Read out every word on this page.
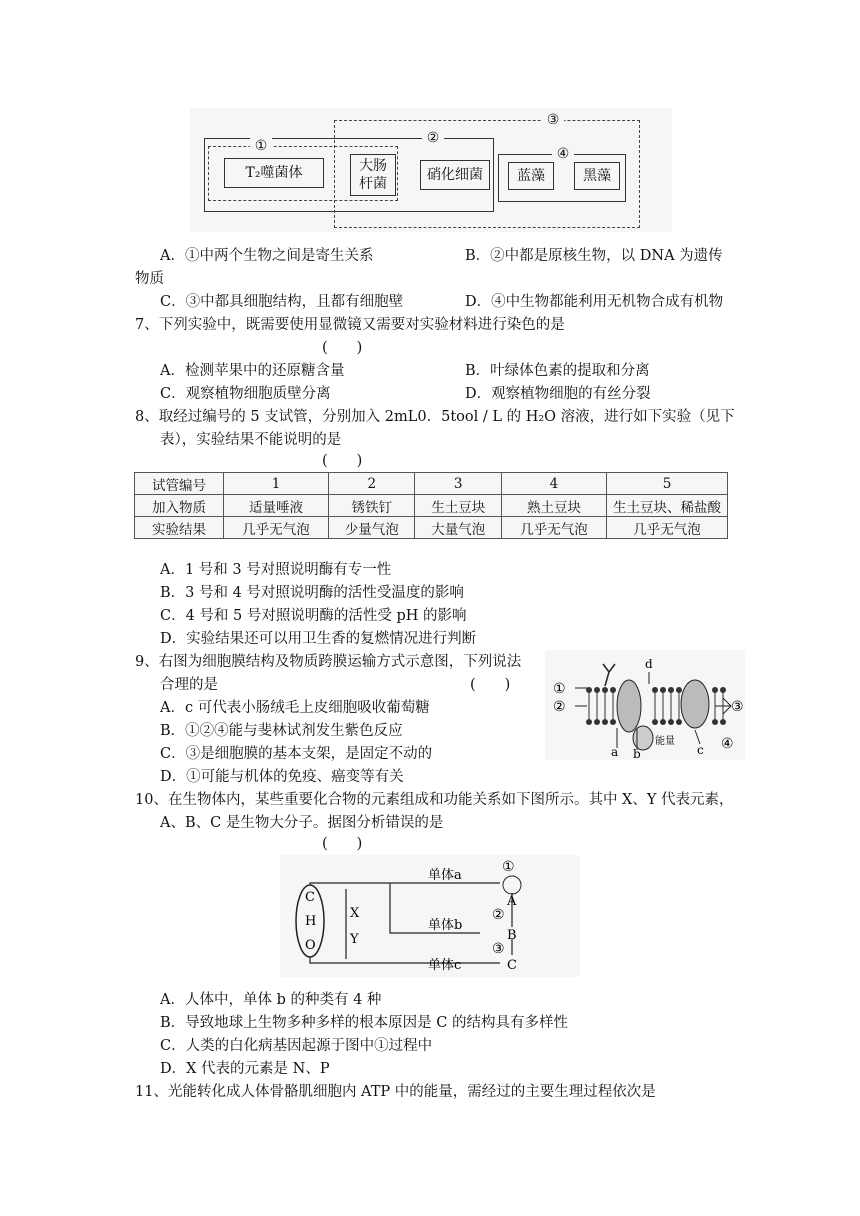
①	②
③
④
T₂噬菌体	大肠
杆菌
硝化细菌	蓝藻	黑藻
A．①中两个生物之间是寄生关系	B．②中都是原核生物，以 DNA 为遗传
物质
C．③中都具细胞结构，且都有细胞壁	D．④中生物都能利用无机物合成有机物
7、下列实验中，既需要使用显微镜又需要对实验材料进行染色的是
(　　)
A．检测苹果中的还原糖含量	B．叶绿体色素的提取和分离
C．观察植物细胞质壁分离	D．观察植物细胞的有丝分裂
8、取经过编号的 5 支试管，分别加入 2mL0．5tool / L 的 H₂O 溶液，进行如下实验（见下
表），实验结果不能说明的是
(　　)
试管编号	1	2	3	4	5
加入物质	适量唾液	锈铁钉	生土豆块	熟土豆块	生土豆块、稀盐酸
实验结果	几乎无气泡	少量气泡	大量气泡	几乎无气泡	几乎无气泡
A．1 号和 3 号对照说明酶有专一性
B．3 号和 4 号对照说明酶的活性受温度的影响
C．4 号和 5 号对照说明酶的活性受 pH 的影响
D．实验结果还可以用卫生香的复燃情况进行判断
9、右图为细胞膜结构及物质跨膜运输方式示意图，下列说法
合理的是	(　　)
A．c 可代表小肠绒毛上皮细胞吸收葡萄糖
B．①②④能与斐林试剂发生紫色反应
C．③是细胞膜的基本支架，是固定不动的
D．①可能与机体的免疫、癌变等有关
①
②	③
④
d
a b	c
能量
10、在生物体内，某些重要化合物的元素组成和功能关系如下图所示。其中 X、Y 代表元素，
A、B、C 是生物大分子。据图分析错误的是
(　　)
C
H
O
X
Y
单体a
单体b
单体c
A
B
C
①
②
③
A．人体中，单体 b 的种类有 4 种
B．导致地球上生物多种多样的根本原因是 C 的结构具有多样性
C．人类的白化病基因起源于图中①过程中
D．X 代表的元素是 N、P
11、光能转化成人体骨骼肌细胞内 ATP 中的能量，需经过的主要生理过程依次是
